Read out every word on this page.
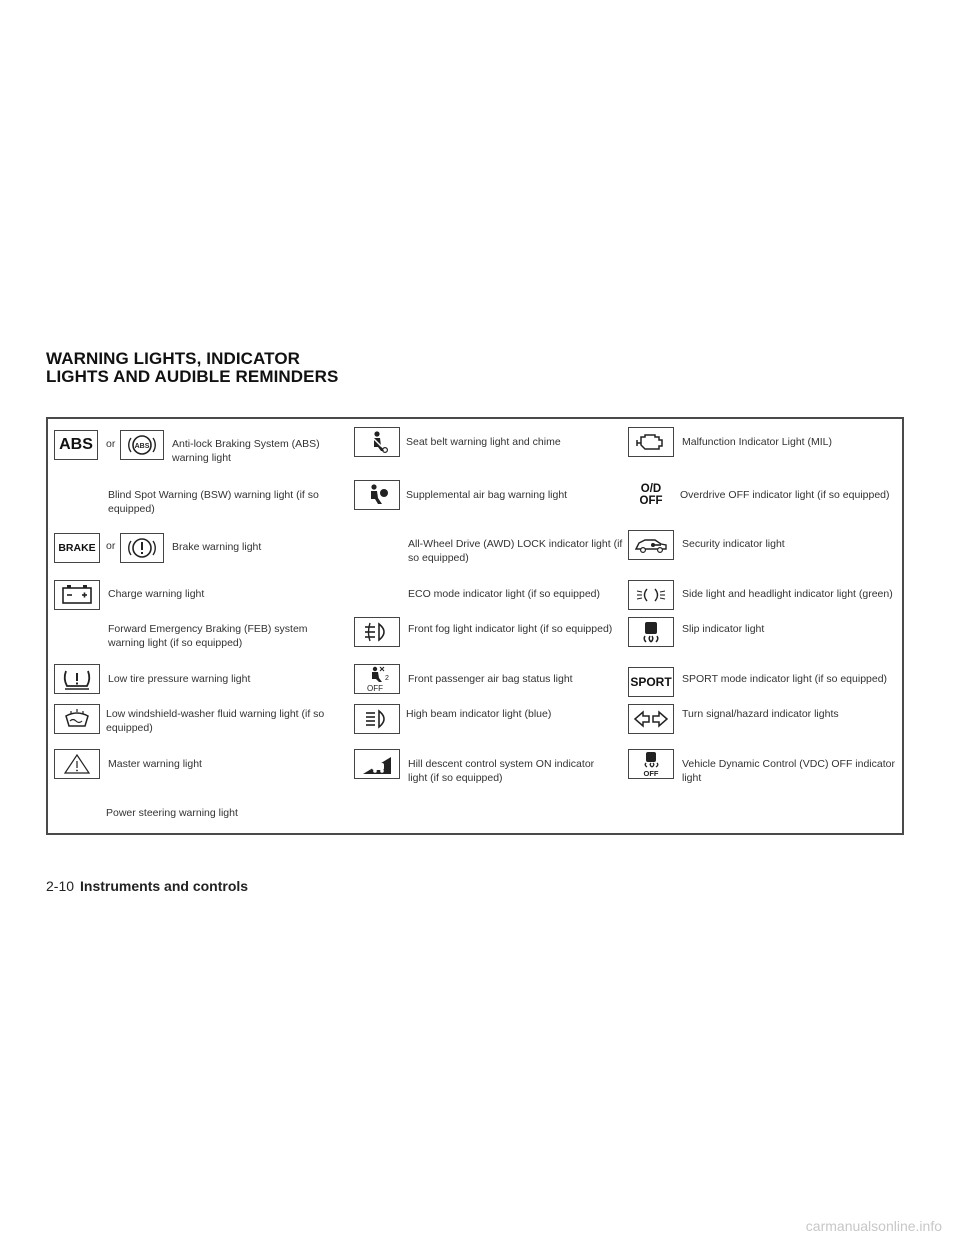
WARNING LIGHTS, INDICATOR
LIGHTS AND AUDIBLE REMINDERS
ABS or	ABS Anti-lock Braking System (ABS) warning light
Blind Spot Warning (BSW) warning light (if so equipped)
BRAKE or	Brake warning light
Charge warning light
Forward Emergency Braking (FEB) system warning light (if so equipped)
Low tire pressure warning light
Low windshield-washer fluid warning light (if so equipped)
Master warning light
Power steering warning light
Seat belt warning light and chime
Supplemental air bag warning light
All-Wheel Drive (AWD) LOCK indicator light (if so equipped)
ECO mode indicator light (if so equipped)
Front fog light indicator light (if so equipped)
2
OFF
Front passenger air bag status light
High beam indicator light (blue)
Hill descent control system ON indicator light (if so equipped)
Malfunction Indicator Light (MIL)
O/D
OFF Overdrive OFF indicator light (if so equipped)
Security indicator light
Side light and headlight indicator light (green)
Slip indicator light
SPORT SPORT mode indicator light (if so equipped)
Turn signal/hazard indicator lights
OFF
Vehicle Dynamic Control (VDC) OFF indicator light
2-10 Instruments and controls
carmanualsonline.info
